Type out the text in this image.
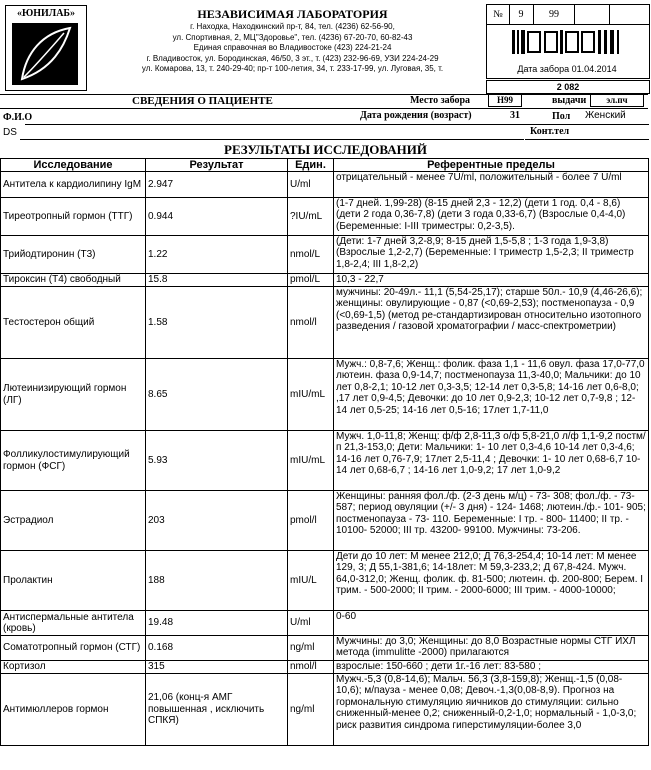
«ЮНИЛАБ»	НЕЗАВИСИМАЯ ЛАБОРАТОРИЯ
г. Находка, Находкинский пр-т, 84, тел. (4236) 62-56-90,
ул. Спортивная, 2, МЦ"Здоровье", тел. (4236) 67-20-70, 60-82-43
Единая справочная во Владивостоке (423) 224-21-24
г. Владивосток, ул. Бородинская, 46/50, 3 эт., т. (423) 232-96-69, УЗИ 224-24-29
ул. Комарова, 13, т. 240-29-40; пр-т 100-летия, 34, т. 233-17-99, ул. Луговая, 35, т.
№	9	99
Дата забора 01.04.2014
2 082
СВЕДЕНИЯ О ПАЦИЕНТЕ	Место забора	Н99	выдачи	эл.пч
Ф.И.О	Дата рождения (возраст)	31	Пол Женский
DS	Конт.тел
РЕЗУЛЬТАТЫ ИССЛЕДОВАНИЙ
Исследование	Результат	Един.	Референтные пределы
Антитела к кардиолипину IgM	2.947	U/ml	отрицательный - менее 7U/ml, положительный - более 7 U/ml
Тиреотропный гормон (ТТГ)	0.944	?IU/mL	(1-7 дней. 1,99-28) (8-15 дней 2,3 - 12,2) (дети 1 год. 0,4 - 8,6) (дети 2 года 0,36-7,8) (дети 3 года 0,33-6,7) (Взрослые 0,4-4,0) (Беременные: I-III триместры: 0,2-3,5).
Трийодтиронин (Т3)	1.22	nmol/L	(Дети: 1-7 дней 3,2-8,9; 8-15 дней 1,5-5,8 ; 1-3 года 1,9-3,8) (Взрослые 1,2-2,7) (Беременные: I триместр 1,5-2,3; II триместр 1,8-2,4; III 1,8-2,2)
Тироксин (Т4) свободный	15.8	pmol/L	10,3 - 22,7
Тестостерон общий	1.58	nmol/l	мужчины: 20-49л.- 11,1 (5,54-25,17); старше 50л.- 10,9 (4,46-26,6); женщины: овулирующие - 0,87 (<0,69-2,53); постменопауза - 0,9 (<0,69-1,5) (метод ре-стандартизирован относительно изотопного разведения / газовой хроматографии / масс-спектрометрии)
Лютеинизирующий гормон (ЛГ)	8.65	mIU/mL	Мужч.: 0,8-7,6; Женщ.: фолик. фаза 1,1 - 11,6 овул. фаза 17,0-77,0 лютеин. фаза 0,9-14,7; постменопауза 11,3-40,0; Мальчики: до 10 лет 0,8-2,1; 10-12 лет 0,3-3,5; 12-14 лет 0,3-5,8; 14-16 лет 0,6-8,0; ,17 лет 0,9-4,5; Девочки: до 10 лет 0,9-2,3; 10-12 лет 0,7-9,8 ; 12-14 лет 0,5-25; 14-16 лет 0,5-16; 17лет 1,7-11,0
Фолликулостимулирующий гормон (ФСГ)	5.93	mIU/mL	Мужч. 1,0-11,8; Женщ: ф/ф 2,8-11,3 о/ф 5,8-21,0 л/ф 1,1-9,2 постм/п 21,3-153,0; Дети: Мальчики: 1- 10 лет 0,3-4,6 10-14 лет 0,3-4,6; 14-16 лет 0,76-7,9; 17лет 2,5-11,4 ; Девочки: 1- 10 лет 0,68-6,7 10-14 лет 0,68-6,7 ; 14-16 лет 1,0-9,2; 17 лет 1,0-9,2
Эстрадиол	203	pmol/l	Женщины: ранняя фол./ф. (2-3 день м/ц) - 73- 308; фол./ф. - 73- 587; период овуляции (+/- 3 дня) - 124- 1468; лютеин./ф.- 101- 905; постменопауза - 73- 110. Беременные: I тр. - 800- 11400; II тр. - 10100- 52000; III тр. 43200- 99100. Мужчины: 73-206.
Пролактин	188	mIU/L	Дети до 10 лет: М менее 212,0; Д 76,3-254,4; 10-14 лет: М менее 129, 3; Д 55,1-381,6; 14-18лет: М 59,3-233,2; Д 67,8-424. Мужч. 64,0-312,0; Женщ. фолик. ф. 81-500; лютеин. ф. 200-800; Берем. I трим. - 500-2000; II трим. - 2000-6000; III трим. - 4000-10000;
Антиспермальные антитела (кровь)	19.48	U/ml	0-60
Соматотропный гормон (СТГ)	0.168	ng/ml	Мужчины: до 3,0; Женщины: до 8,0 Возрастные нормы СТГ ИХЛ метода (immulitte -2000) прилагаются
Кортизол	315	nmol/l	взрослые: 150-660 ; дети 1г.-16 лет: 83-580 ;
Антимюллеров гормон	21,06 (конц-я АМГ повышенная , исключить СПКЯ)	ng/ml	Мужч.-5,3 (0,8-14,6); Мальч. 56,3 (3,8-159,8); Женщ.-1,5 (0,08-10,6); м/пауза - менее 0,08; Девоч.-1,3(0,08-8,9). Прогноз на гормональную стимуляцию яичников до стимуляции: сильно сниженный-менее 0,2; сниженный-0,2-1,0; нормальный - 1,0-3,0; риск развития синдрома гиперстимуляции-более 3,0
